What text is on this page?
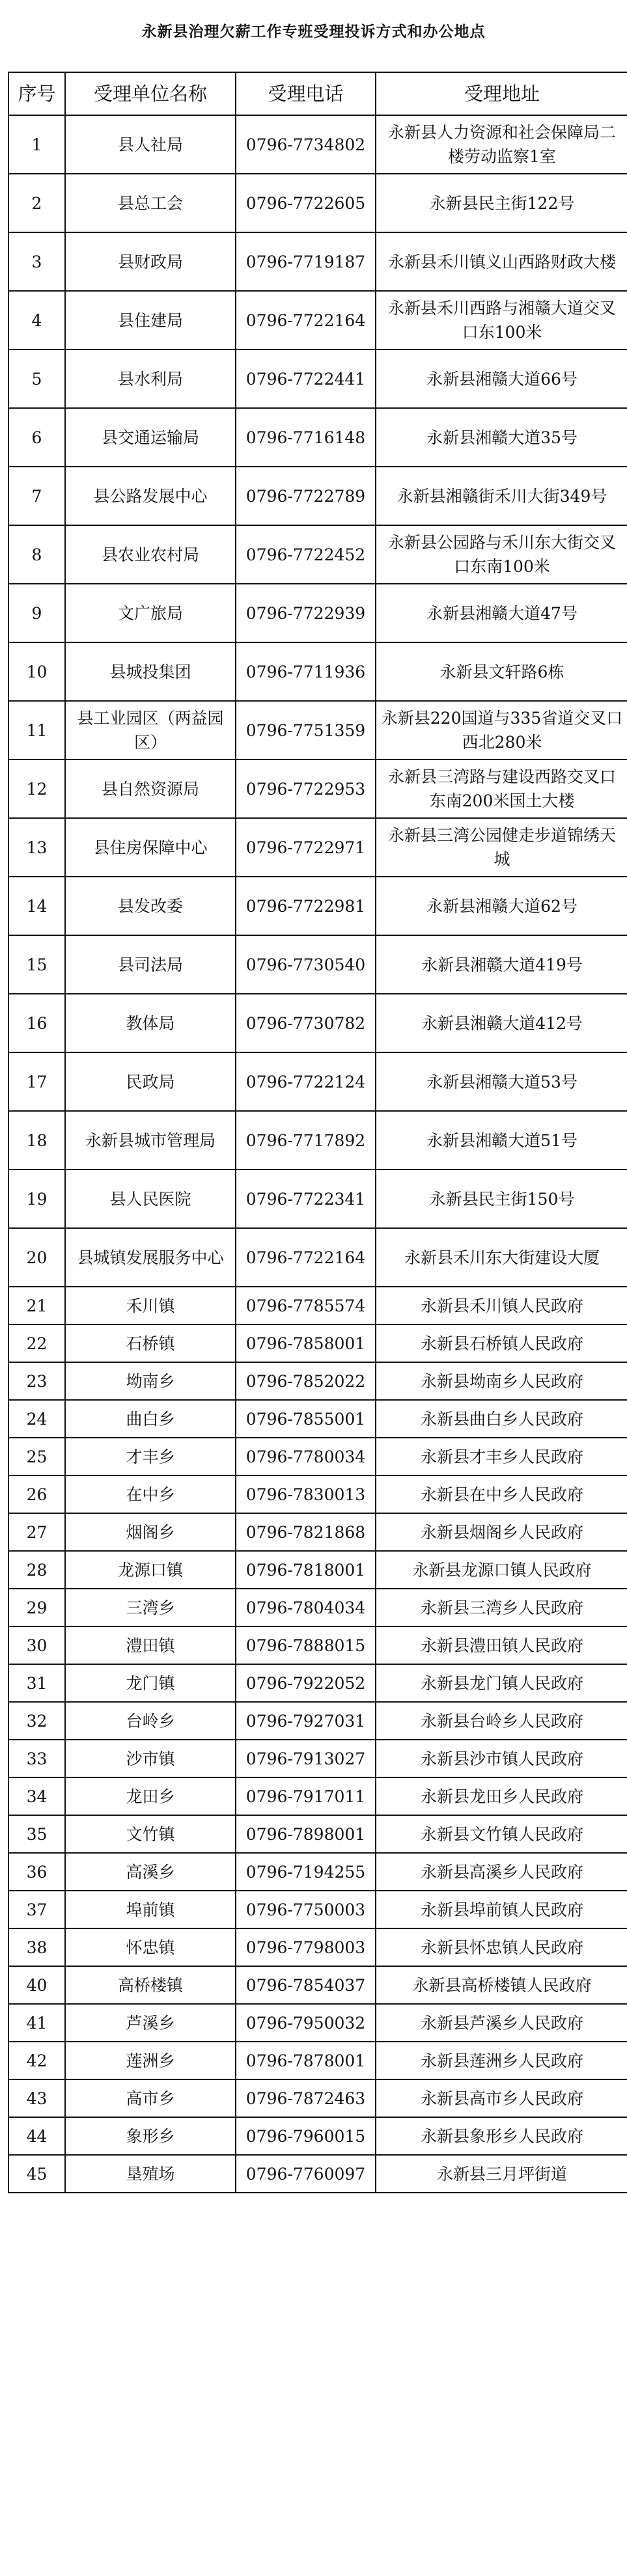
永新县治理欠薪工作专班受理投诉方式和办公地点
序号	受理单位名称	受理电话	受理地址
1	县人社局	0796-7734802	永新县人力资源和社会保障局二楼劳动监察1室
2	县总工会	0796-7722605	永新县民主街122号
3	县财政局	0796-7719187	永新县禾川镇义山西路财政大楼
4	县住建局	0796-7722164	永新县禾川西路与湘赣大道交叉口东100米
5	县水利局	0796-7722441	永新县湘赣大道66号
6	县交通运输局	0796-7716148	永新县湘赣大道35号
7	县公路发展中心	0796-7722789	永新县湘赣街禾川大街349号
8	县农业农村局	0796-7722452	永新县公园路与禾川东大街交叉口东南100米
9	文广旅局	0796-7722939	永新县湘赣大道47号
10	县城投集团	0796-7711936	永新县文轩路6栋
11	县工业园区（两益园区）	0796-7751359	永新县220国道与335省道交叉口西北280米
12	县自然资源局	0796-7722953	永新县三湾路与建设西路交叉口东南200米国土大楼
13	县住房保障中心	0796-7722971	永新县三湾公园健走步道锦绣天城
14	县发改委	0796-7722981	永新县湘赣大道62号
15	县司法局	0796-7730540	永新县湘赣大道419号
16	教体局	0796-7730782	永新县湘赣大道412号
17	民政局	0796-7722124	永新县湘赣大道53号
18	永新县城市管理局	0796-7717892	永新县湘赣大道51号
19	县人民医院	0796-7722341	永新县民主街150号
20	县城镇发展服务中心	0796-7722164	永新县禾川东大街建设大厦
21	禾川镇	0796-7785574	永新县禾川镇人民政府
22	石桥镇	0796-7858001	永新县石桥镇人民政府
23	坳南乡	0796-7852022	永新县坳南乡人民政府
24	曲白乡	0796-7855001	永新县曲白乡人民政府
25	才丰乡	0796-7780034	永新县才丰乡人民政府
26	在中乡	0796-7830013	永新县在中乡人民政府
27	烟阁乡	0796-7821868	永新县烟阁乡人民政府
28	龙源口镇	0796-7818001	永新县龙源口镇人民政府
29	三湾乡	0796-7804034	永新县三湾乡人民政府
30	澧田镇	0796-7888015	永新县澧田镇人民政府
31	龙门镇	0796-7922052	永新县龙门镇人民政府
32	台岭乡	0796-7927031	永新县台岭乡人民政府
33	沙市镇	0796-7913027	永新县沙市镇人民政府
34	龙田乡	0796-7917011	永新县龙田乡人民政府
35	文竹镇	0796-7898001	永新县文竹镇人民政府
36	高溪乡	0796-7194255	永新县高溪乡人民政府
37	埠前镇	0796-7750003	永新县埠前镇人民政府
38	怀忠镇	0796-7798003	永新县怀忠镇人民政府
40	高桥楼镇	0796-7854037	永新县高桥楼镇人民政府
41	芦溪乡	0796-7950032	永新县芦溪乡人民政府
42	莲洲乡	0796-7878001	永新县莲洲乡人民政府
43	高市乡	0796-7872463	永新县高市乡人民政府
44	象形乡	0796-7960015	永新县象形乡人民政府
45	垦殖场	0796-7760097	永新县三月坪街道
